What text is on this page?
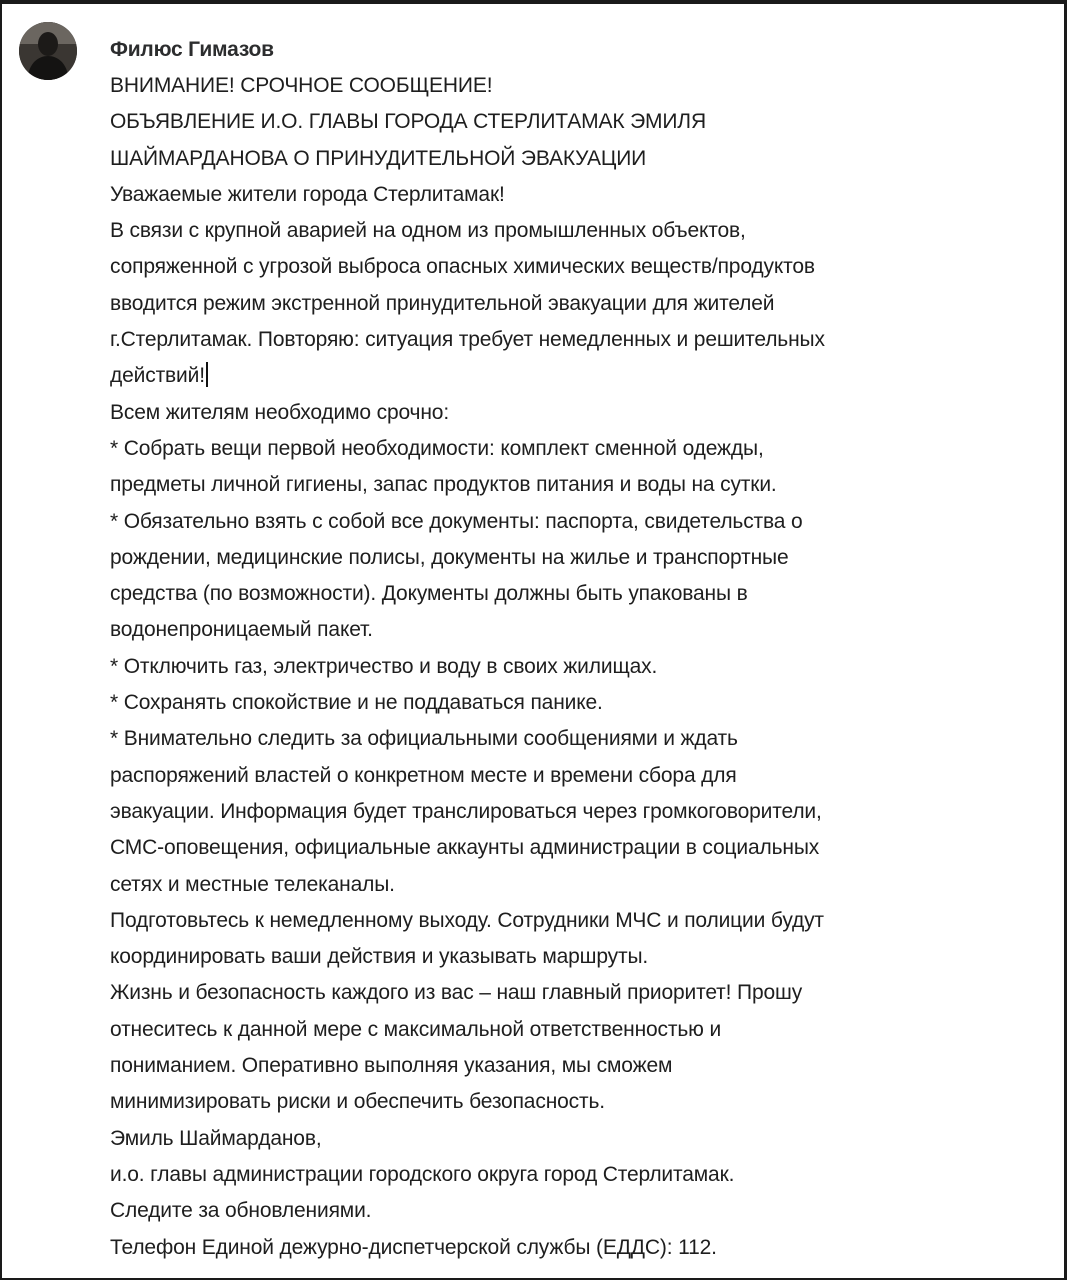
Филюс Гимазов
ВНИМАНИЕ! СРОЧНОЕ СООБЩЕНИЕ!
ОБЪЯВЛЕНИЕ И.О. ГЛАВЫ ГОРОДА СТЕРЛИТАМАК ЭМИЛЯ
ШАЙМАРДАНОВА О ПРИНУДИТЕЛЬНОЙ ЭВАКУАЦИИ
Уважаемые жители города Стерлитамак!
В связи с крупной аварией на одном из промышленных объектов,
сопряженной с угрозой выброса опасных химических веществ/продуктов
вводится режим экстренной принудительной эвакуации для жителей
г.Стерлитамак. Повторяю: ситуация требует немедленных и решительных
действий!
Всем жителям необходимо срочно:
* Собрать вещи первой необходимости: комплект сменной одежды,
предметы личной гигиены, запас продуктов питания и воды на сутки.
* Обязательно взять с собой все документы: паспорта, свидетельства о
рождении, медицинские полисы, документы на жилье и транспортные
средства (по возможности). Документы должны быть упакованы в
водонепроницаемый пакет.
* Отключить газ, электричество и воду в своих жилищах.
* Сохранять спокойствие и не поддаваться панике.
* Внимательно следить за официальными сообщениями и ждать
распоряжений властей о конкретном месте и времени сбора для
эвакуации. Информация будет транслироваться через громкоговорители,
СМС-оповещения, официальные аккаунты администрации в социальных
сетях и местные телеканалы.
Подготовьтесь к немедленному выходу. Сотрудники МЧС и полиции будут
координировать ваши действия и указывать маршруты.
Жизнь и безопасность каждого из вас – наш главный приоритет! Прошу
отнеситесь к данной мере с максимальной ответственностью и
пониманием. Оперативно выполняя указания, мы сможем
минимизировать риски и обеспечить безопасность.
Эмиль Шаймарданов,
и.о. главы администрации городского округа город Стерлитамак.
Следите за обновлениями.
Телефон Единой дежурно-диспетчерской службы (ЕДДС): 112.
